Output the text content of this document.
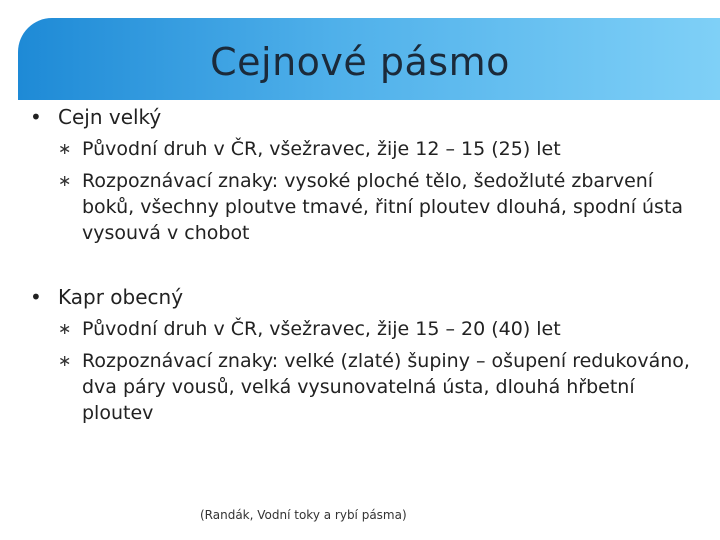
Cejnové pásmo
• Cejn velký
∗ Původní druh v ČR, všežravec, žije 12 – 15 (25) let
∗ Rozpoznávací znaky: vysoké ploché tělo, šedožluté zbarvení boků, všechny ploutve tmavé, řitní ploutev dlouhá, spodní ústa vysouvá v chobot
• Kapr obecný
∗ Původní druh v ČR, všežravec, žije 15 – 20 (40) let
∗ Rozpoznávací znaky: velké (zlaté) šupiny – ošupení redukováno, dva páry vousů, velká vysunovatelná ústa, dlouhá hřbetní ploutev
(Randák, Vodní toky a rybí pásma)
